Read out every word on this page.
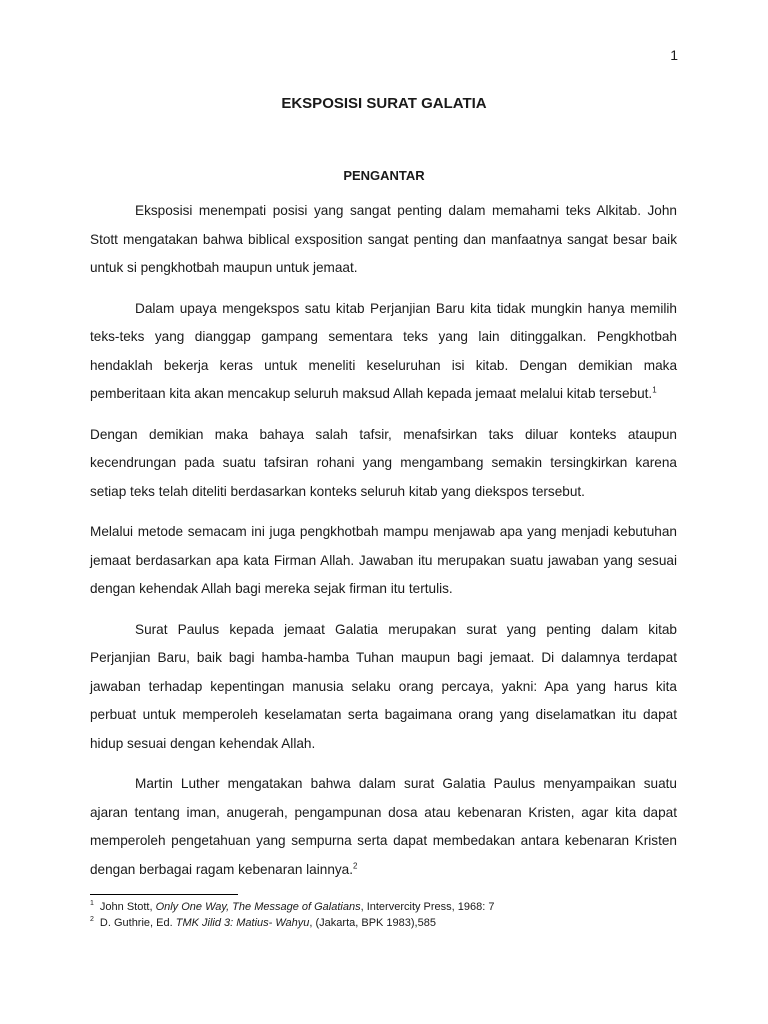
1
EKSPOSISI SURAT GALATIA
PENGANTAR

Eksposisi menempati posisi yang sangat penting dalam memahami teks Alkitab. John Stott mengatakan bahwa biblical exsposition sangat penting dan manfaatnya sangat besar baik untuk si pengkhotbah maupun untuk jemaat.

Dalam upaya mengekspos satu kitab Perjanjian Baru kita tidak mungkin hanya memilih teks-teks yang dianggap gampang sementara teks yang lain ditinggalkan. Pengkhotbah hendaklah bekerja keras untuk meneliti keseluruhan isi kitab. Dengan demikian maka pemberitaan kita akan mencakup seluruh maksud Allah kepada jemaat melalui kitab tersebut.$^1$

Dengan demikian maka bahaya salah tafsir, menafsirkan taks diluar konteks ataupun kecendrungan pada suatu tafsiran rohani yang mengambang semakin tersingkirkan karena setiap teks telah diteliti berdasarkan konteks seluruh kitab yang diekspos tersebut.

Melalui metode semacam ini juga pengkhotbah mampu menjawab apa yang menjadi kebutuhan jemaat berdasarkan apa kata Firman Allah. Jawaban itu merupakan suatu jawaban yang sesuai dengan kehendak Allah bagi mereka sejak firman itu tertulis.

Surat Paulus kepada jemaat Galatia merupakan surat yang penting dalam kitab Perjanjian Baru, baik bagi hamba-hamba Tuhan maupun bagi jemaat. Di dalamnya terdapat jawaban terhadap kepentingan manusia selaku orang percaya, yakni: Apa yang harus kita perbuat untuk memperoleh keselamatan serta bagaimana orang yang diselamatkan itu dapat hidup sesuai dengan kehendak Allah.

Martin Luther mengatakan bahwa dalam surat Galatia Paulus menyampaikan suatu ajaran tentang iman, anugerah, pengampunan dosa atau kebenaran Kristen, agar kita dapat memperoleh pengetahuan yang sempurna serta dapat membedakan antara kebenaran Kristen dengan berbagai ragam kebenaran lainnya.$^2$

$^1$ John Stott, Only One Way, The Message of Galatians, Intervercity Press, 1968: 7
$^2$ D. Guthrie, Ed. TMK Jilid 3: Matius- Wahyu, (Jakarta, BPK 1983),585
